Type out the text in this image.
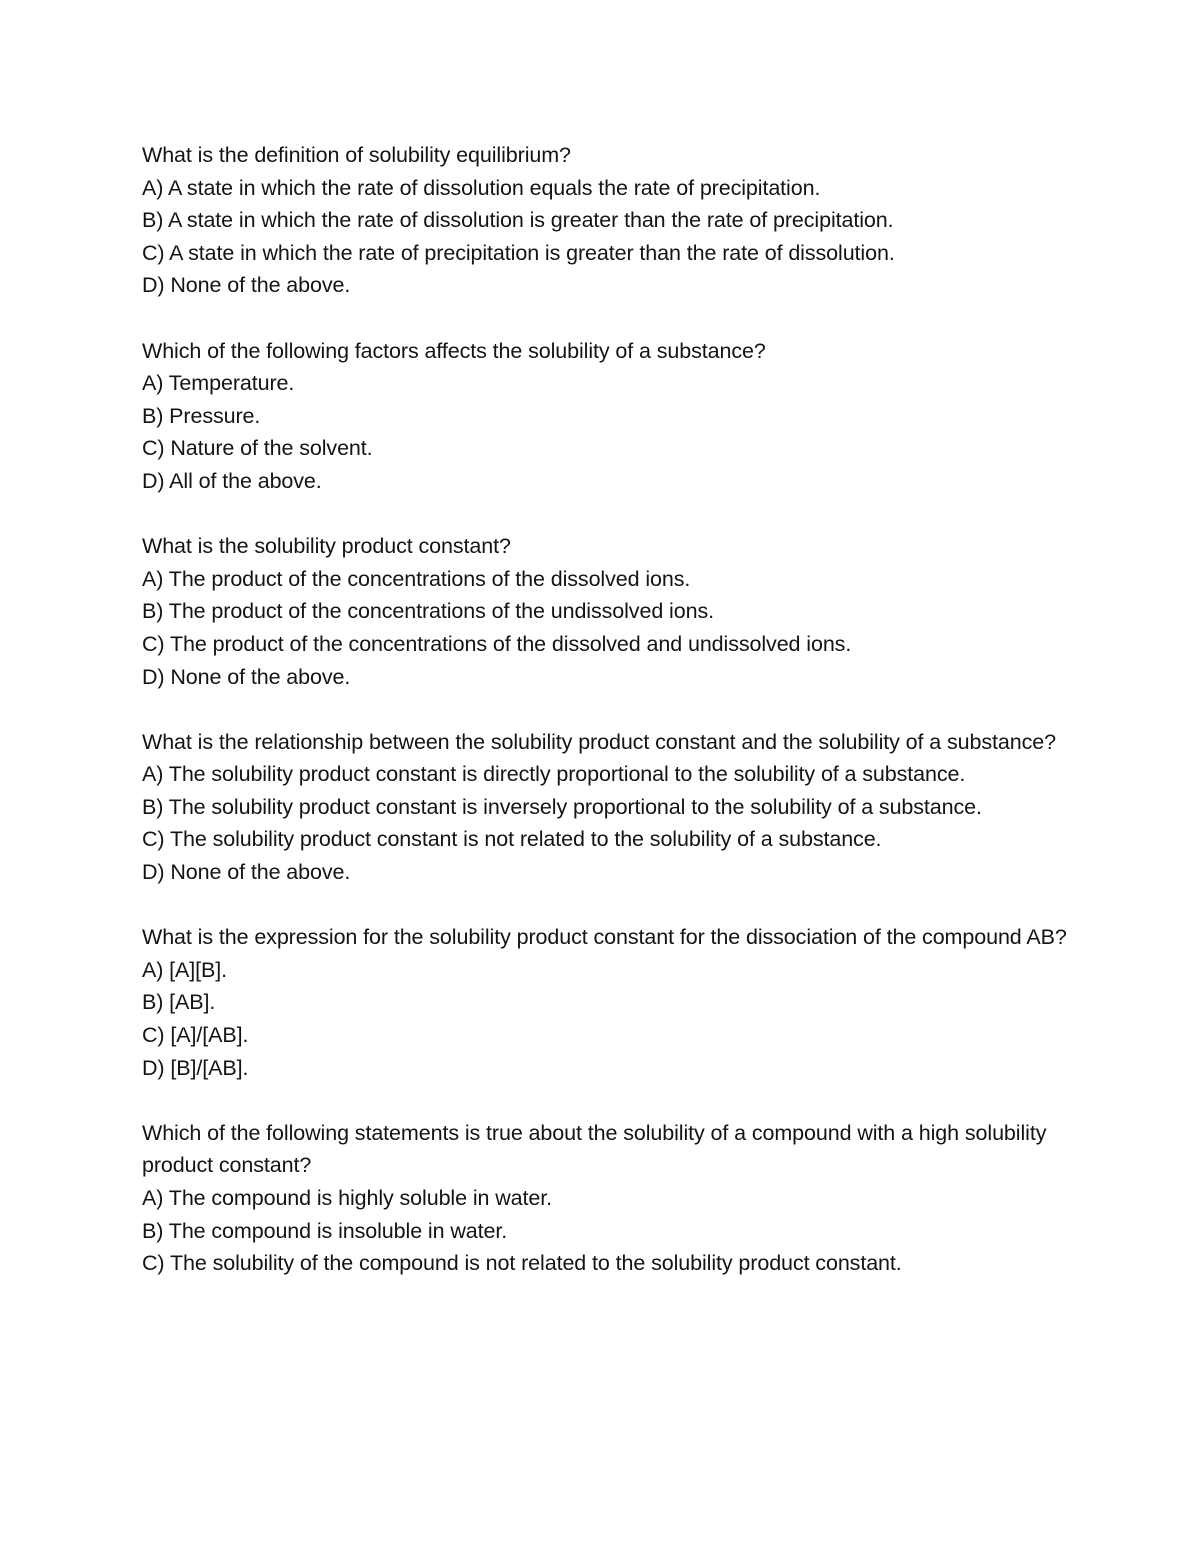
What is the definition of solubility equilibrium?
A) A state in which the rate of dissolution equals the rate of precipitation.
B) A state in which the rate of dissolution is greater than the rate of precipitation.
C) A state in which the rate of precipitation is greater than the rate of dissolution.
D) None of the above.
Which of the following factors affects the solubility of a substance?
A) Temperature.
B) Pressure.
C) Nature of the solvent.
D) All of the above.
What is the solubility product constant?
A) The product of the concentrations of the dissolved ions.
B) The product of the concentrations of the undissolved ions.
C) The product of the concentrations of the dissolved and undissolved ions.
D) None of the above.
What is the relationship between the solubility product constant and the solubility of a substance?
A) The solubility product constant is directly proportional to the solubility of a substance.
B) The solubility product constant is inversely proportional to the solubility of a substance.
C) The solubility product constant is not related to the solubility of a substance.
D) None of the above.
What is the expression for the solubility product constant for the dissociation of the compound AB?
A) [A][B].
B) [AB].
C) [A]/[AB].
D) [B]/[AB].
Which of the following statements is true about the solubility of a compound with a high solubility product constant?
A) The compound is highly soluble in water.
B) The compound is insoluble in water.
C) The solubility of the compound is not related to the solubility product constant.
